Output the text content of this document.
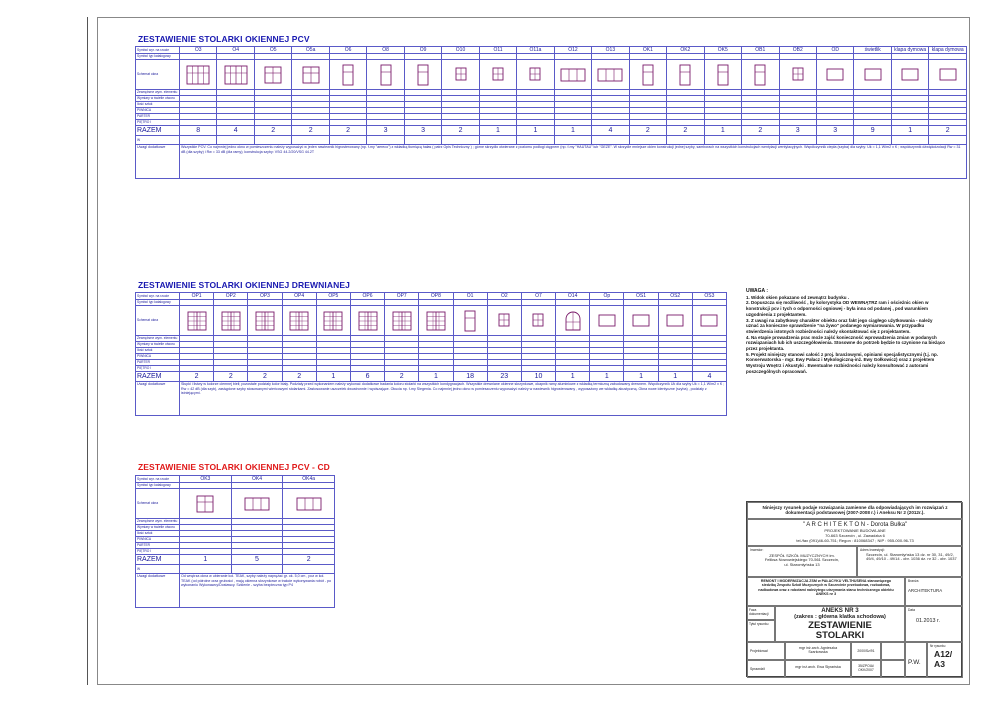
ZESTAWIENIE STOLARKI OKIENNEJ PCV
Symbol wyr. na rzucie	O3	O4	O5	O5a	O6	O8	O9	O10	O11	O11a	O12	O13	OK1	OK2	OK5	OB1	OB2	OD	świetlik	klapa dymowa	klapa dymowa
Symbol typ katalogowy																					
Schemat okna	

Zewnętrzne wym. elementu																					
Wymiary w świetle otworu																					
Ilość sztuk																					
PIWNICA																					
PARTER																					
PIĘTRO I																					
RAZEM	8	4	2	2	2	3	3	2	1	1	1	4	2	2	1	2	3	3	9	1	2
W																					
Uwagi dodatkowe	Wszystkie PCV: Co najmniej jedno okno w pomieszczeniu należy wyposażyć w jeden nawiewnik higrosterowany (np. f-my "aereco") z wkładką tłumiącą hałas ( patrz Opis Techniczny ) ; górne skrzydło otwierane z poziomu podłogi cięgnem (np. f-my "HAUTAU" lub "GEZE". W skrzydle mniejsze okien konstrukcji jednej szyby, samborach na wszystkich konstrukcjach wentylacji wentylacyjnych. Współczynnik ciepła (szyba) dla szyby: Uk = 1,1 W/m2 x K ; współczynnik dźwiękoizolacji Rw = 31 dB (dla szyby) i Rw = 33 dB (dla ramy); konstrukcja szyby: VSG 44.2/20/VSG 44.2T																				
ZESTAWIENIE STOLARKI OKIENNEJ DREWNIANEJ
Symbol wyr. na rzucie	OP1	OP2	OP3	OP4	OP5	OP6	OP7	OP8	O1	O2	O7	O14	Op	OS1	OS2	OS3
Symbol typ katalogowy																
Schemat okna	

Zewnętrzne wym. elementu																
Wymiary w świetle otworu																
Ilość sztuk																
PIWNICA																
PARTER																
PIĘTRO I																
RAZEM	2	2	2	2	1	6	2	1	18	23	10	1	1	1	1	4
Uwagi dodatkowe	Słupki i listwy w kolorze ciemnej bieli; pozostałe podziały kolor biały. Podziały przed wykonaniem należy wykonać dodatkowe badania koloru stolarki na wszystkich kondygnacjach. Wszystkie drewniane okienne skrzynkowe, okapnik ramy aluminiowe z wkładką termiczną zabudowany drewnem. Współczynnik Uk dla szyby Uk = 1,1 W/m2 x K ; Rw = 42 dB (dla szyb), zastąpione szyby stosowanymi wieńcowymi stolarkami. Zastosowanie uszczelek dwustronnie i wyciszające. Okucia np. f-my Siegenia. Co najmniej jedno okno w pomieszczeniu wyposażyć należy w nawiewnik higrosterowany , wyposażony we wkładkę akustyczną. Okna nowe identyczne (szyba) , podziały z istniejącymi.															
ZESTAWIENIE STOLARKI OKIENNEJ PCV - CD
Symbol wyr. na rzucie	OK3	OK4	OK4a
Symbol typ katalogowy			
Schemat okna	

Zewnętrzne wym. elementu			
Wymiary w świetle otworu			
Ilość sztuk			
PIWNICA			
PARTER			
PIĘTRO I			
RAZEM	1	5	2
W			
Uwagi dodatkowe	Od wnętrza okna w ubieranie kol. TEAK, szyby należy naprężać gr. ok. 5,0 cm , poz w kol. TEAK (od półrolne oraz grubości , mają okienna skrzynkowe w trakcie wykonywania robót - po wykonaniu Wykonawcy/Dostawcy. Szklenie - szyba bezpieczna typ P4		
UWAGA :
1. Widok okien pokazano od zewnątrz budynku .
2. Dopuszcza się możliwość , by kolorystyka OD WEWNĄTRZ ram i ościeżnic okien w konstrukcji pcv i tych o odporności ogniowej - była inna od podanej , pod warunkiem uzgodnienia z projektantem.
3. Z uwagi na zabytkowy charakter obiektu oraz fakt jego ciągłego użytkowania - należy uznać za konieczne sprawdzenie "na żywo" podanego wymiarowania. W przypadku stwierdzenia istotnych rozbieżności należy skontaktować się z projektantem.
4. Na etapie prowadzenia prac może zajść konieczność wprowadzenia zmian w podanych rozwiązaniach lub ich uszczegółowienia. Stosowne do potrzeb będzie to czynione na bieżąco przez projektanta.
5. Projekt niniejszy stanowi całość z proj. branżowymi, opiniami specjalistycznymi (t.j. np. Konserwatorska - mgr. Ewy Pałacz i Mykologiczną-inż. Ewy Gołkowicz) oraz z projektem Wystroju Wnętrz i Akustyki . Ewentualne rozbieżności należy konsultować z autorami poszczególnych opracowań.
Niniejszy rysunek podaje rozwiązania zamienne dla odpowiadających im rozwiązań z dokumentacji podstawowej (2007-2008 r.) i Aneksu Nr 2 (2012r.).
" A R C H I T E K T O N - Dorota Bułka"
PROJEKTOWANIE BUDOWLANE
70-663 Szczecin , ul. Zawadzka 6
tel./fax (091)46-60-751; Regon : 810068347 ; NIP : 955-000-96-73
Inwestor:
ZESPÓŁ SZKÓŁ MUZYCZNYCH im. Feliksa Nowowiejskiego 70-561 Szczecin, ul. Staromłyńska 13
Adres Inwestycji:
Szczecin, ul. Staromłyńska 13 dz. nr 30, 31, 49/2, 49/4, 49/10 - 49/14 - obr. 1036 dz. nr 32 - obr. 1037
REMONT I MODERNIZACJA ZSM w PAŁACYKU VELTHUSENA stanowiącego siedzibę Zespołu Szkół Muzycznych w Szczecinie przebudowa, rozbudowa, nadbudowa oraz z robotami należytego utrzymania stanu technicznego obiektu ANEKS nr 3
Branża
ARCHITEKTURA
Faza dokumentacji
Tytuł rysunku
ANEKS NR 3
(zakres : główna klatka schodowa)
ZESTAWIENIE STOLARKI
Data
01.2013 r.
Projektował
mgr inż.arch. Agnieszka Szarkowska	2000/Sz/91
Sprawdził	mgr inż.arch. Ewa Słyrańska	35/ZPOIA/ OKK/2007
P.W.
Nr rysunku
A12/ A3
